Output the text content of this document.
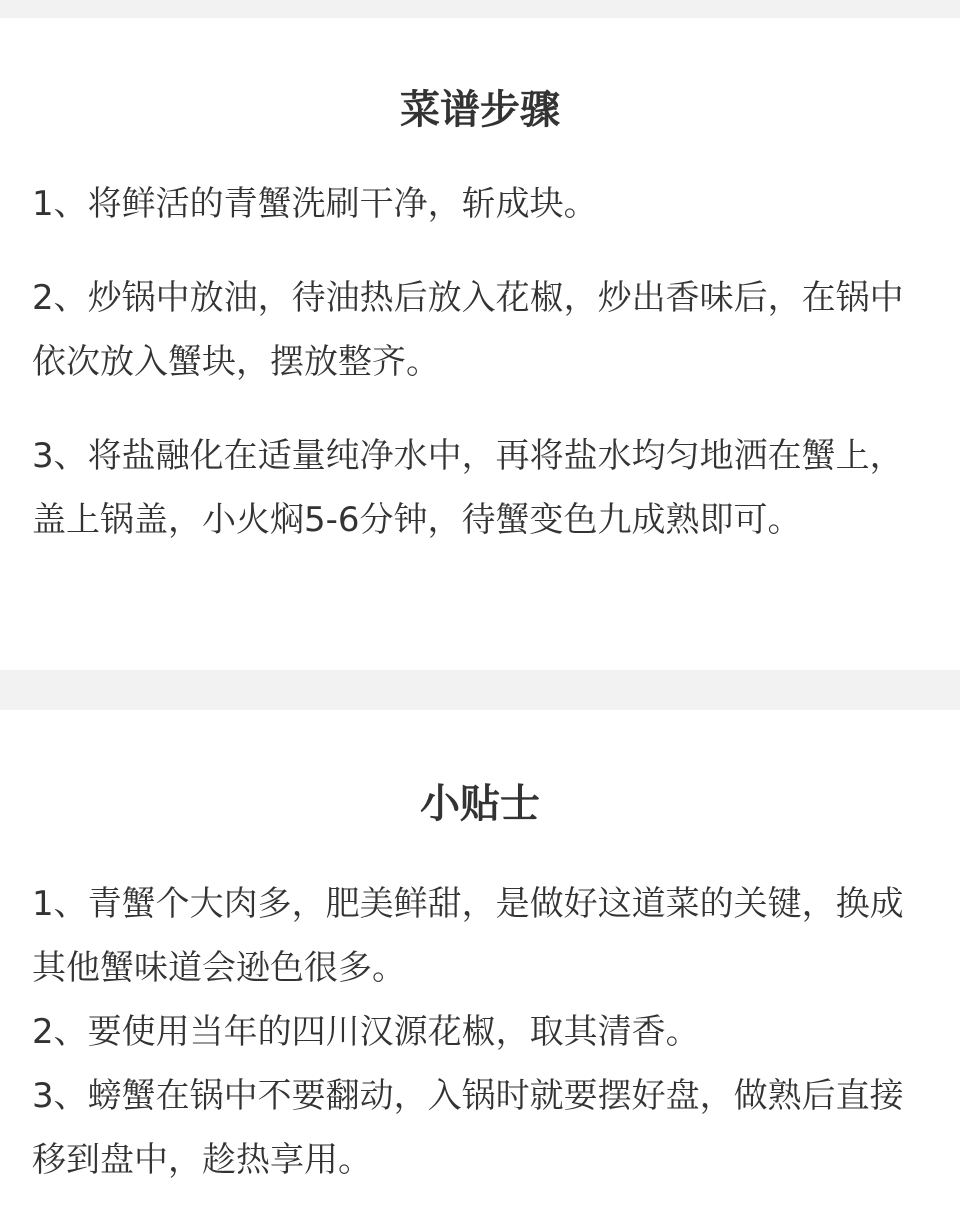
菜谱步骤
1、将鲜活的青蟹洗刷干净，斩成块。
2、炒锅中放油，待油热后放入花椒，炒出香味后，在锅中依次放入蟹块，摆放整齐。
3、将盐融化在适量纯净水中，再将盐水均匀地洒在蟹上，盖上锅盖，小火焖5-6分钟，待蟹变色九成熟即可。
小贴士
1、青蟹个大肉多，肥美鲜甜，是做好这道菜的关键，换成其他蟹味道会逊色很多。
2、要使用当年的四川汉源花椒，取其清香。
3、螃蟹在锅中不要翻动，入锅时就要摆好盘，做熟后直接移到盘中，趁热享用。
